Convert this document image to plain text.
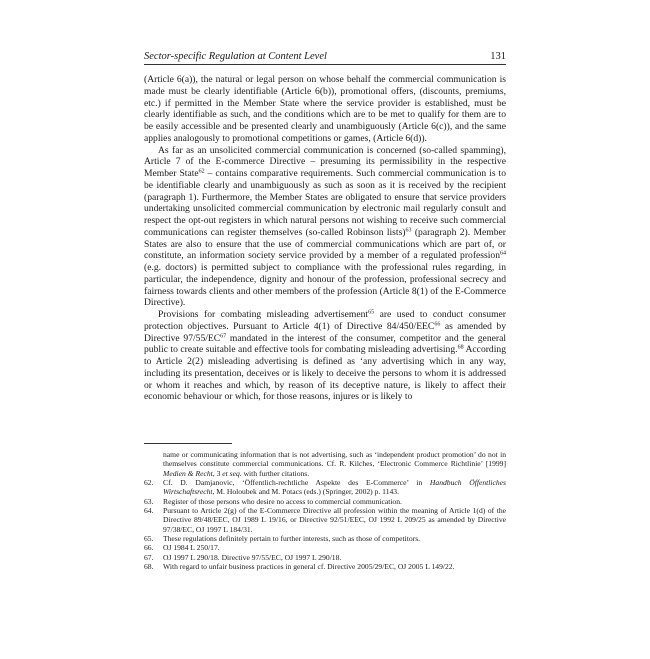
Sector-specific Regulation at Content Level	131

(Article 6(a)), the natural or legal person on whose behalf the commercial communication is made must be clearly identifiable (Article 6(b)), promotional offers, (discounts, premiums, etc.) if permitted in the Member State where the service provider is established, must be clearly identifiable as such, and the conditions which are to be met to qualify for them are to be easily accessible and be presented clearly and unambiguously (Article 6(c)), and the same applies analogously to promotional competitions or games, (Article 6(d)).

As far as an unsolicited commercial communication is concerned (so-called spamming), Article 7 of the E-commerce Directive – presuming its permissibility in the respective Member State$^{62}$ – contains comparative requirements. Such commercial communication is to be identifiable clearly and unambiguously as such as soon as it is received by the recipient (paragraph 1). Furthermore, the Member States are obligated to ensure that service providers undertaking unsolicited commercial communication by electronic mail regularly consult and respect the opt-out registers in which natural persons not wishing to receive such commercial communications can register themselves (so-called Robinson lists)$^{63}$ (paragraph 2). Member States are also to ensure that the use of commercial communications which are part of, or constitute, an information society service provided by a member of a regulated profession$^{64}$ (e.g. doctors) is permitted subject to compliance with the professional rules regarding, in particular, the independence, dignity and honour of the profession, professional secrecy and fairness towards clients and other members of the profession (Article 8(1) of the E-Commerce Directive).

Provisions for combating misleading advertisement$^{65}$ are used to conduct consumer protection objectives. Pursuant to Article 4(1) of Directive 84/450/EEC$^{66}$ as amended by Directive 97/55/EC$^{67}$ mandated in the interest of the consumer, competitor and the general public to create suitable and effective tools for combating misleading advertising.$^{68}$ According to Article 2(2) misleading advertising is defined as ‘any advertising which in any way, including its presentation, deceives or is likely to deceive the persons to whom it is addressed or whom it reaches and which, by reason of its deceptive nature, is likely to affect their economic behaviour or which, for those reasons, injures or is likely to

name or communicating information that is not advertising, such as ‘independent product promotion’ do not in themselves constitute commercial communications. Cf. R. Kilches, ‘Electronic Commerce Richtlinie’ [1999] Medien & Recht, 3 et seq. with further citations.
62.	Cf. D. Damjanovic, ‘Öffentlich-rechtliche Aspekte des E-Commerce’ in Handbuch Öffentliches Wirtschaftsrecht, M. Holoubek and M. Potacs (eds.) (Springer, 2002) p. 1143.
63.	Register of those persons who desire no access to commercial communication.
64.	Pursuant to Article 2(g) of the E-Commerce Directive all profession within the meaning of Article 1(d) of the Directive 89/48/EEC, OJ 1989 L 19/16, or Directive 92/51/EEC, OJ 1992 L 209/25 as amended by Directive 97/38/EC, OJ 1997 L 184/31.
65.	These regulations definitely pertain to further interests, such as those of competitors.
66.	OJ 1984 L 250/17.
67.	OJ 1997 L 290/18. Directive 97/55/EC, OJ 1997 L 290/18.
68.	With regard to unfair business practices in general cf. Directive 2005/29/EC, OJ 2005 L 149/22.
